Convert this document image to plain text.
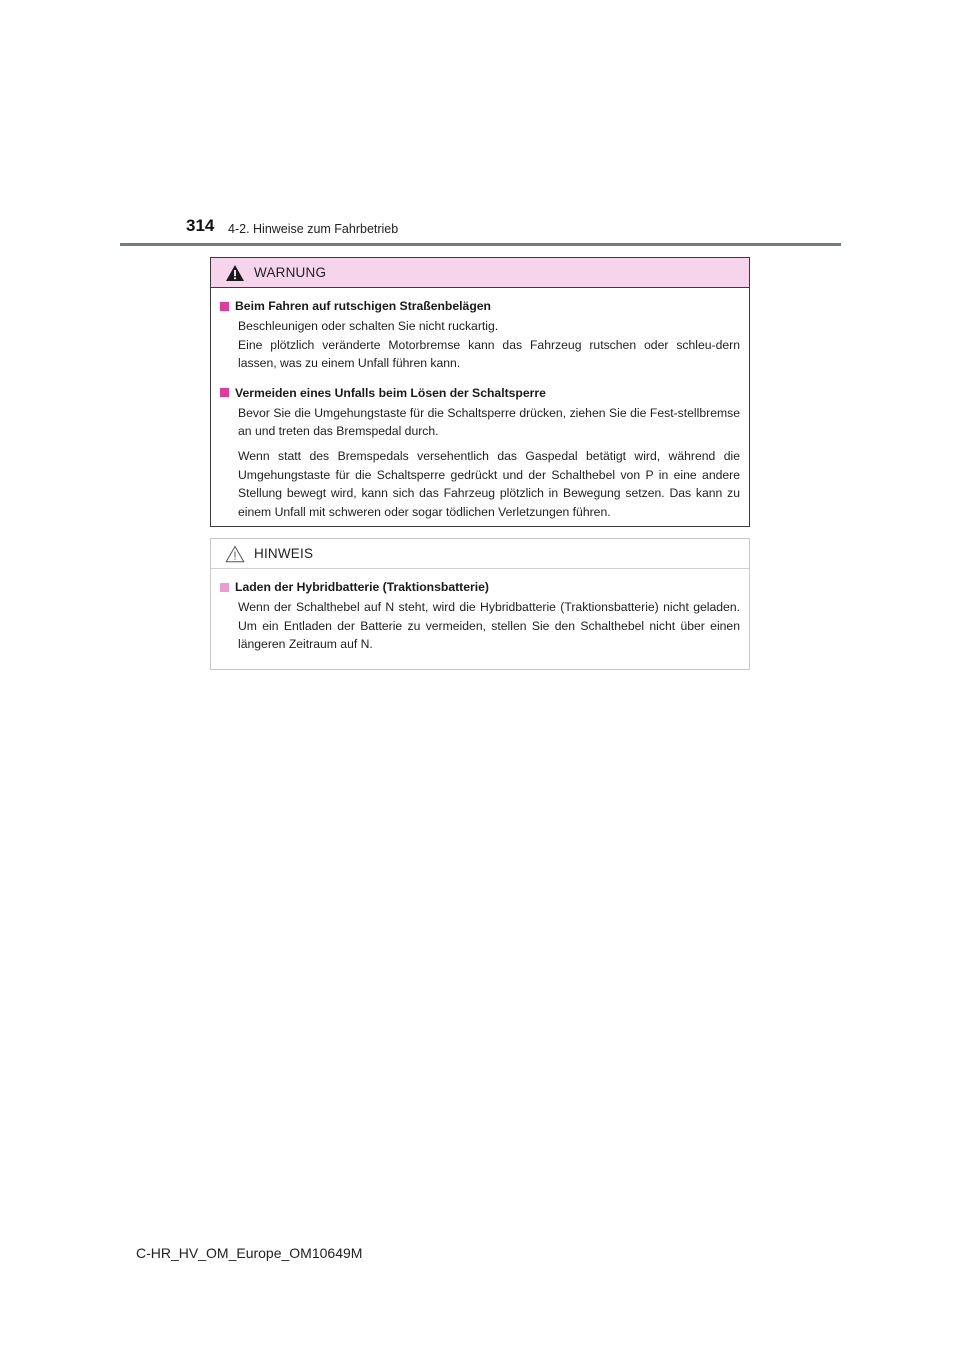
314 4-2. Hinweise zum Fahrbetrieb
WARNUNG
Beim Fahren auf rutschigen Straßenbelägen

Beschleunigen oder schalten Sie nicht ruckartig.

Eine plötzlich veränderte Motorbremse kann das Fahrzeug rutschen oder schleu-dern lassen, was zu einem Unfall führen kann.

Vermeiden eines Unfalls beim Lösen der Schaltsperre

Bevor Sie die Umgehungstaste für die Schaltsperre drücken, ziehen Sie die Fest-stellbremse an und treten das Bremspedal durch.

Wenn statt des Bremspedals versehentlich das Gaspedal betätigt wird, während die Umgehungstaste für die Schaltsperre gedrückt und der Schalthebel von P in eine andere Stellung bewegt wird, kann sich das Fahrzeug plötzlich in Bewegung setzen. Das kann zu einem Unfall mit schweren oder sogar tödlichen Verletzungen führen.

HINWEIS
Laden der Hybridbatterie (Traktionsbatterie)

Wenn der Schalthebel auf N steht, wird die Hybridbatterie (Traktionsbatterie) nicht geladen. Um ein Entladen der Batterie zu vermeiden, stellen Sie den Schalthebel nicht über einen längeren Zeitraum auf N.

C-HR_HV_OM_Europe_OM10649M
